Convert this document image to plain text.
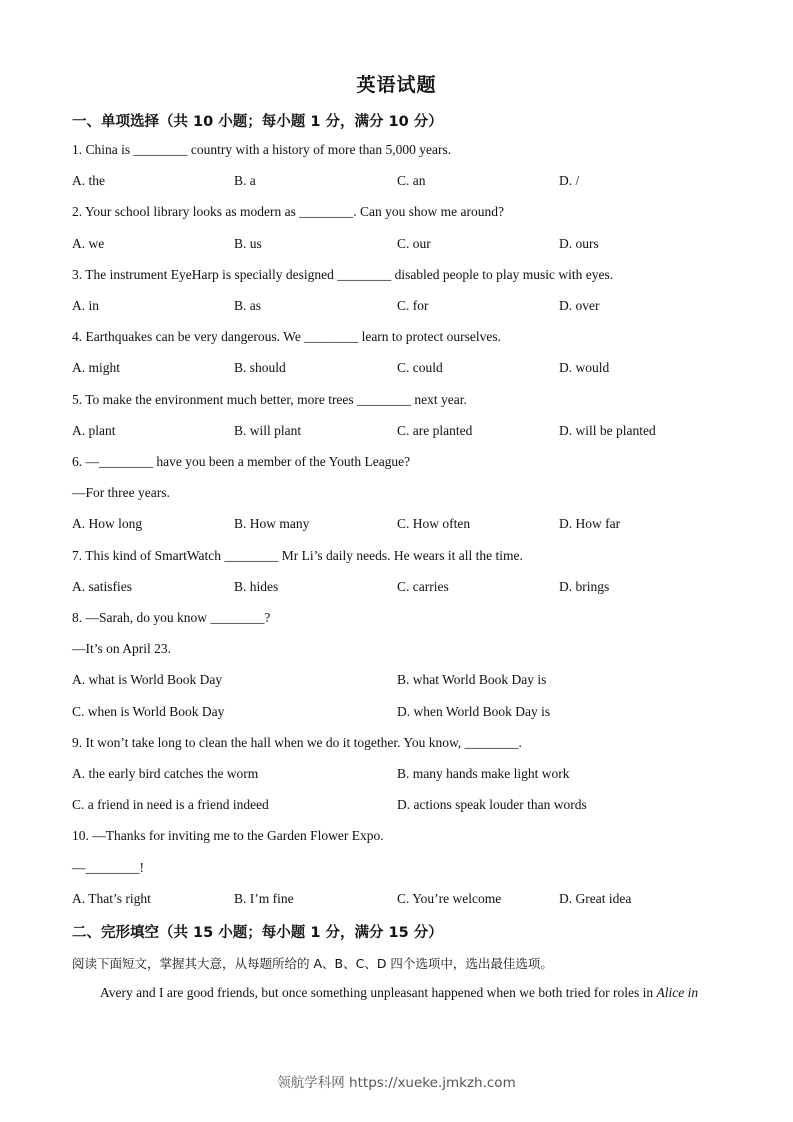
英语试题
一、单项选择（共 10 小题；每小题 1 分，满分 10 分）
1. China is ________ country with a history of more than 5,000 years.
A. the	B. a	C. an	D. /
2. Your school library looks as modern as ________. Can you show me around?
A. we	B. us	C. our	D. ours
3. The instrument EyeHarp is specially designed ________ disabled people to play music with eyes.
A. in	B. as	C. for	D. over
4. Earthquakes can be very dangerous. We ________ learn to protect ourselves.
A. might	B. should	C. could	D. would
5. To make the environment much better, more trees ________ next year.
A. plant	B. will plant	C. are planted	D. will be planted
6. —________ have you been a member of the Youth League?
—For three years.
A. How long	B. How many	C. How often	D. How far
7. This kind of SmartWatch ________ Mr Li’s daily needs. He wears it all the time.
A. satisfies	B. hides	C. carries	D. brings
8. —Sarah, do you know ________?
—It’s on April 23.
A. what is World Book Day	B. what World Book Day is
C. when is World Book Day	D. when World Book Day is
9. It won’t take long to clean the hall when we do it together. You know, ________.
A. the early bird catches the worm	B. many hands make light work
C. a friend in need is a friend indeed	D. actions speak louder than words
10. —Thanks for inviting me to the Garden Flower Expo.
—________!
A. That’s right	B. I’m fine	C. You’re welcome	D. Great idea
二、完形填空（共 15 小题；每小题 1 分，满分 15 分）
阅读下面短文，掌握其大意，从每题所给的 A、B、C、D 四个选项中，选出最佳选项。
Avery and I are good friends, but once something unpleasant happened when we both tried for roles in Alice in
领航学科网 https://xueke.jmkzh.com
